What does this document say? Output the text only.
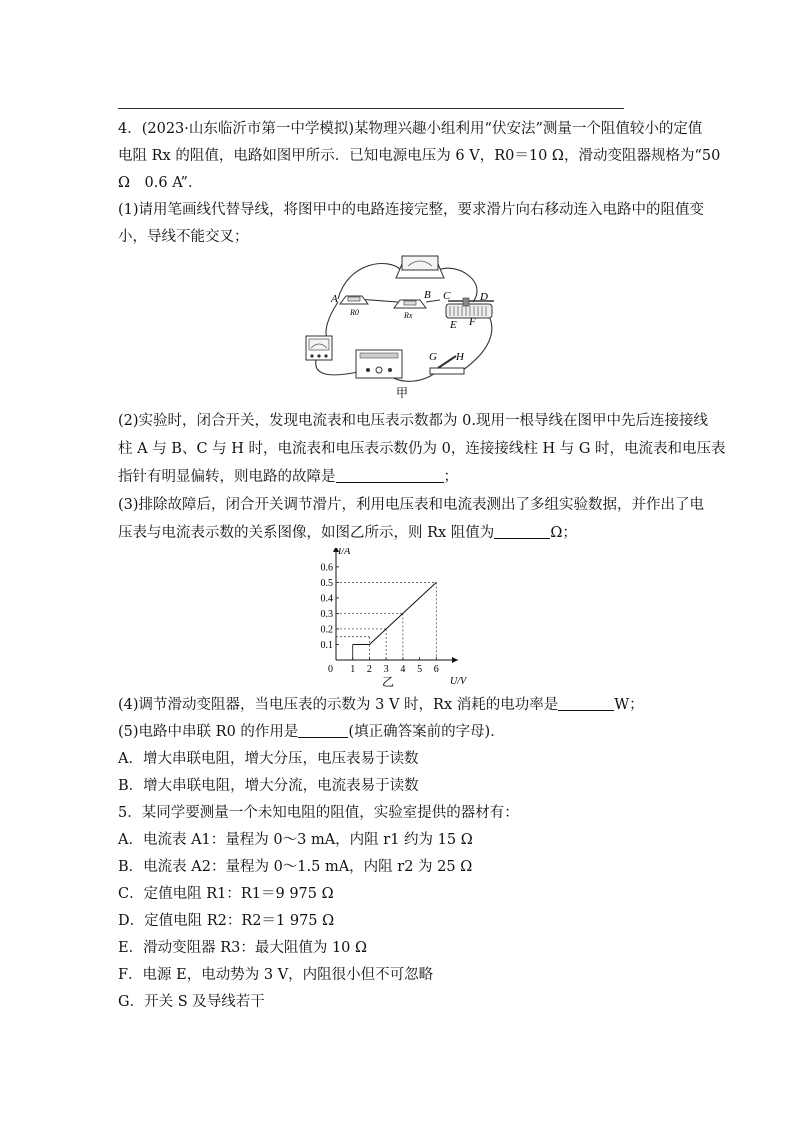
4．(2023·山东临沂市第一中学模拟)某物理兴趣小组利用“伏安法”测量一个阻值较小的定值
电阻 Rx 的阻值，电路如图甲所示．已知电源电压为 6 V，R0＝10 Ω，滑动变阻器规格为“50
Ω　0.6 A”．
(1)请用笔画线代替导线，将图甲中的电路连接完整，要求滑片向右移动连入电路中的阻值变
小，导线不能交叉；
A
R0
B
Rx
C	D
E F
G H
甲
(2)实验时，闭合开关，发现电流表和电压表示数都为 0.现用一根导线在图甲中先后连接接线
柱 A 与 B、C 与 H 时，电流表和电压表示数仍为 0，连接接线柱 H 与 G 时，电流表和电压表
指针有明显偏转，则电路的故障是	；
(3)排除故障后，闭合开关调节滑片，利用电压表和电流表测出了多组实验数据，并作出了电
压表与电流表示数的关系图像，如图乙所示，则 Rx 阻值为	Ω；
1 2 3 4 5 6
0.1
0.2
0.3
0.4
0.5
0.6
0
I/A
U/V
乙
(4)调节滑动变阻器，当电压表的示数为 3 V 时，Rx 消耗的电功率是	W；
(5)电路中串联 R0 的作用是	(填正确答案前的字母)．
A．增大串联电阻，增大分压，电压表易于读数
B．增大串联电阻，增大分流，电流表易于读数
5．某同学要测量一个未知电阻的阻值，实验室提供的器材有：
A．电流表 A1：量程为 0～3 mA，内阻 r1 约为 15 Ω
B．电流表 A2：量程为 0～1.5 mA，内阻 r2 为 25 Ω
C．定值电阻 R1：R1＝9 975 Ω
D．定值电阻 R2：R2＝1 975 Ω
E．滑动变阻器 R3：最大阻值为 10 Ω
F．电源 E，电动势为 3 V，内阻很小但不可忽略
G．开关 S 及导线若干
